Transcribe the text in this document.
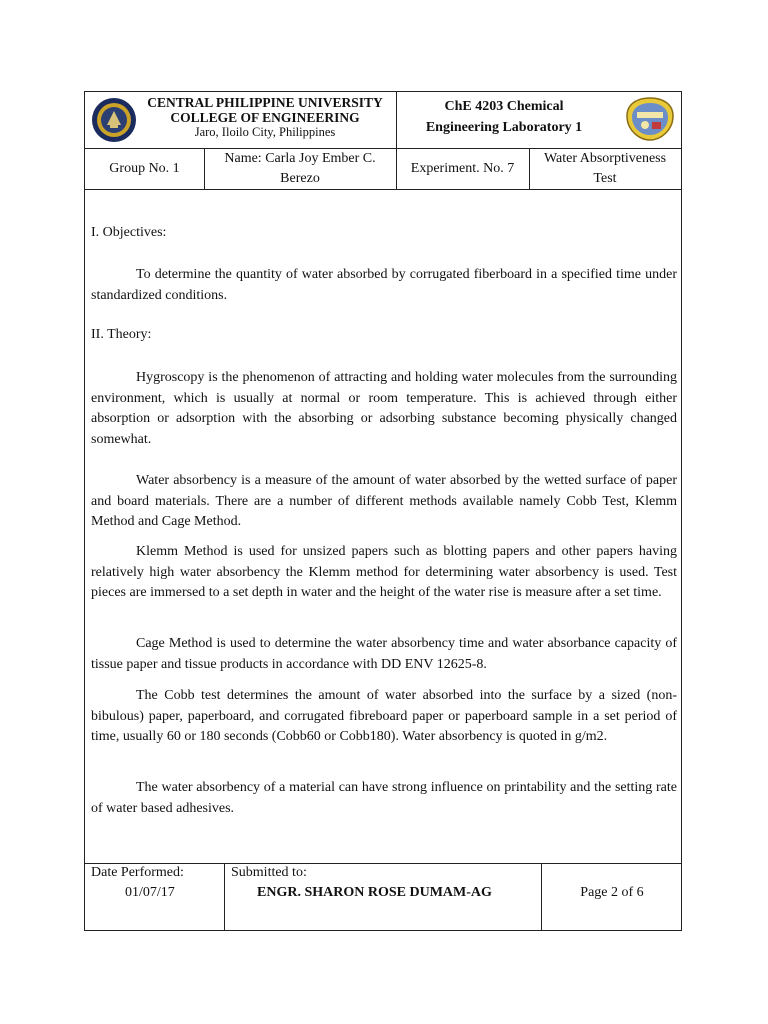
CENTRAL PHILIPPINE UNIVERSITY
COLLEGE OF ENGINEERING
Jaro, Iloilo City, Philippines
ChE 4203 Chemical
Engineering Laboratory 1
Group No. 1
Name: Carla Joy Ember C.
Berezo
Experiment. No. 7
Water Absorptiveness
Test
I. Objectives:
To determine the quantity of water absorbed by corrugated fiberboard in a specified time under standardized conditions.
II. Theory:
Hygroscopy is the phenomenon of attracting and holding water molecules from the surrounding environment, which is usually at normal or room temperature. This is achieved through either absorption or adsorption with the absorbing or adsorbing substance becoming physically changed somewhat.
Water absorbency is a measure of the amount of water absorbed by the wetted surface of paper and board materials. There are a number of different methods available namely Cobb Test, Klemm Method and Cage Method.
Klemm Method is used for unsized papers such as blotting papers and other papers having relatively high water absorbency the Klemm method for determining water absorbency is used. Test pieces are immersed to a set depth in water and the height of the water rise is measure after a set time.
Cage Method is used to determine the water absorbency time and water absorbance capacity of tissue paper and tissue products in accordance with DD ENV 12625-8.
The Cobb test determines the amount of water absorbed into the surface by a sized (non-bibulous) paper, paperboard, and corrugated fibreboard paper or paperboard sample in a set period of time, usually 60 or 180 seconds (Cobb60 or Cobb180). Water absorbency is quoted in g/m2.
The water absorbency of a material can have strong influence on printability and the setting rate of water based adhesives.
Date Performed:
01/07/17
Submitted to:
ENGR. SHARON ROSE DUMAM-AG	Page 2 of 6
